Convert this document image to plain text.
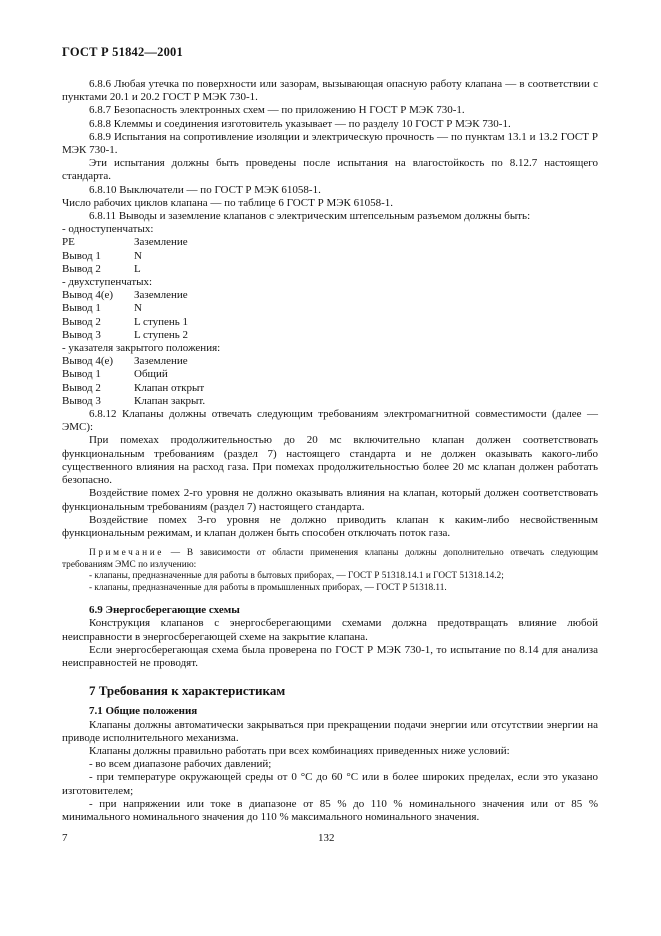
ГОСТ Р 51842—2001

6.8.6 Любая утечка по поверхности или зазорам, вызывающая опасную работу клапана — в соответствии с пунктами 20.1 и 20.2 ГОСТ Р МЭК 730-1.

6.8.7 Безопасность электронных схем — по приложению Н ГОСТ Р МЭК 730-1.

6.8.8 Клеммы и соединения изготовитель указывает — по разделу 10 ГОСТ Р МЭК 730-1.

6.8.9 Испытания на сопротивление изоляции и электрическую прочность — по пунктам 13.1 и 13.2 ГОСТ Р МЭК 730-1.

Эти испытания должны быть проведены после испытания на влагостойкость по 8.12.7 настоящего стандарта.

6.8.10 Выключатели — по ГОСТ Р МЭК 61058-1.

Число рабочих циклов клапана — по таблице 6 ГОСТ Р МЭК 61058-1.

6.8.11 Выводы и заземление клапанов с электрическим штепсельным разъемом должны быть:

- одноступенчатых:
PE	Заземление
Вывод 1	N
Вывод 2	L
- двухступенчатых:
Вывод 4(е)	Заземление
Вывод 1	N
Вывод 2	L ступень 1
Вывод 3	L ступень 2
- указателя закрытого положения:
Вывод 4(е)	Заземление
Вывод 1	Общий
Вывод 2	Клапан открыт
Вывод 3	Клапан закрыт.

6.8.12 Клапаны должны отвечать следующим требованиям электромагнитной совместимости (далее — ЭМС):

При помехах продолжительностью до 20 мс включительно клапан должен соответствовать функциональным требованиям (раздел 7) настоящего стандарта и не должен оказывать какого-либо существенного влияния на расход газа. При помехах продолжительностью более 20 мс клапан должен работать безопасно.

Воздействие помех 2-го уровня не должно оказывать влияния на клапан, который должен соответствовать функциональным требованиям (раздел 7) настоящего стандарта.

Воздействие помех 3-го уровня не должно приводить клапан к каким-либо несвойственным функциональным режимам, и клапан должен быть способен отключать поток газа.

Примечание — В зависимости от области применения клапаны должны дополнительно отвечать следующим требованиям ЭМС по излучению:

- клапаны, предназначенные для работы в бытовых приборах, — ГОСТ Р 51318.14.1 и ГОСТ 51318.14.2;

- клапаны, предназначенные для работы в промышленных приборах, — ГОСТ Р 51318.11.

6.9 Энергосберегающие схемы

Конструкция клапанов с энергосберегающими схемами должна предотвращать влияние любой неисправности в энергосберегающей схеме на закрытие клапана.

Если энергосберегающая схема была проверена по ГОСТ Р МЭК 730-1, то испытание по 8.14 для анализа неисправностей не проводят.

7 Требования к характеристикам

7.1 Общие положения

Клапаны должны автоматически закрываться при прекращении подачи энергии или отсутствии энергии на приводе исполнительного механизма.

Клапаны должны правильно работать при всех комбинациях приведенных ниже условий:

- во всем диапазоне рабочих давлений;

- при температуре окружающей среды от 0 °С до 60 °С или в более широких пределах, если это указано изготовителем;

- при напряжении или токе в диапазоне от 85 % до 110 % номинального значения или от 85 % минимального номинального значения до 110 % максимального номинального значения.

7	132
